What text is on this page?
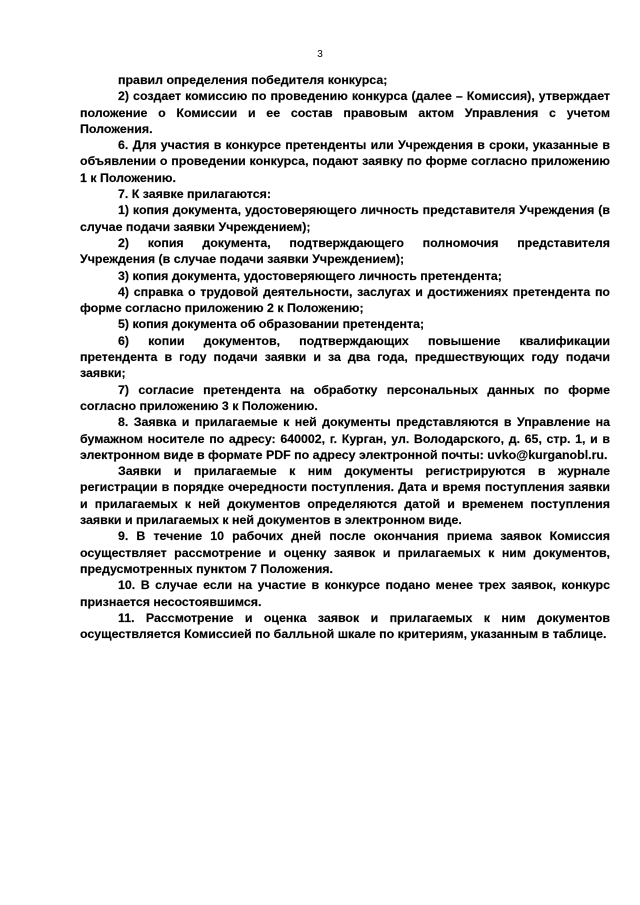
3

правил определения победителя конкурса;

2) создает комиссию по проведению конкурса (далее – Комиссия), утверждает положение о Комиссии и ее состав правовым актом Управления с учетом Положения.

6. Для участия в конкурсе претенденты или Учреждения в сроки, указанные в объявлении о проведении конкурса, подают заявку по форме согласно приложению 1 к Положению.

7. К заявке прилагаются:

1) копия документа, удостоверяющего личность представителя Учреждения (в случае подачи заявки Учреждением);

2) копия документа, подтверждающего полномочия представителя Учреждения (в случае подачи заявки Учреждением);

3) копия документа, удостоверяющего личность претендента;

4) справка о трудовой деятельности, заслугах и достижениях претендента по форме согласно приложению 2 к Положению;

5) копия документа об образовании претендента;

6) копии документов, подтверждающих повышение квалификации претендента в году подачи заявки и за два года, предшествующих году подачи заявки;

7) согласие претендента на обработку персональных данных по форме согласно приложению 3 к Положению.

8. Заявка и прилагаемые к ней документы представляются в Управление на бумажном носителе по адресу: 640002, г. Курган, ул. Володарского, д. 65, стр. 1, и в электронном виде в формате PDF по адресу электронной почты: uvko@kurganobl.ru.

Заявки и прилагаемые к ним документы регистрируются в журнале регистрации в порядке очередности поступления. Дата и время поступления заявки и прилагаемых к ней документов определяются датой и временем поступления заявки и прилагаемых к ней документов в электронном виде.

9. В течение 10 рабочих дней после окончания приема заявок Комиссия осуществляет рассмотрение и оценку заявок и прилагаемых к ним документов, предусмотренных пунктом 7 Положения.

10. В случае если на участие в конкурсе подано менее трех заявок, конкурс признается несостоявшимся.

11. Рассмотрение и оценка заявок и прилагаемых к ним документов осуществляется Комиссией по балльной шкале по критериям, указанным в таблице.
